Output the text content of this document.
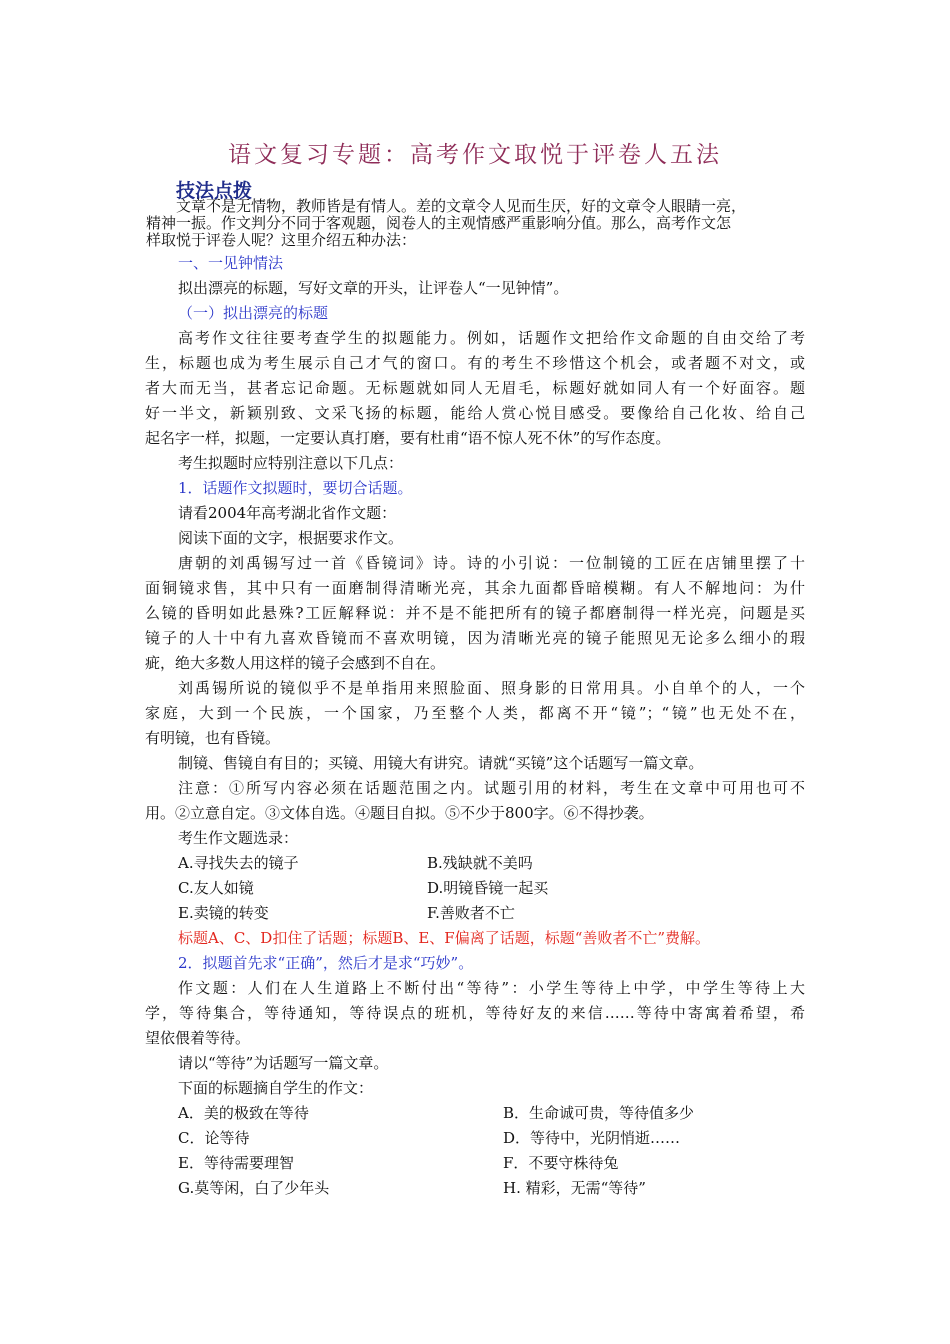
语文复习专题：高考作文取悦于评卷人五法
技法点拨
文章不是无情物，教师皆是有情人。差的文章令人见而生厌，好的文章令人眼睛一亮，
精神一振。作文判分不同于客观题，阅卷人的主观情感严重影响分值。那么，高考作文怎
样取悦于评卷人呢？这里介绍五种办法：
一、一见钟情法
拟出漂亮的标题，写好文章的开头，让评卷人“一见钟情”。
（一）拟出漂亮的标题
高考作文往往要考查学生的拟题能力。例如，话题作文把给作文命题的自由交给了考
生，标题也成为考生展示自己才气的窗口。有的考生不珍惜这个机会，或者题不对文，或
者大而无当，甚者忘记命题。无标题就如同人无眉毛，标题好就如同人有一个好面容。题
好一半文，新颖别致、文采飞扬的标题，能给人赏心悦目感受。要像给自己化妆、给自己
起名字一样，拟题，一定要认真打磨，要有杜甫“语不惊人死不休”的写作态度。
考生拟题时应特别注意以下几点：
1．话题作文拟题时，要切合话题。
请看2004年高考湖北省作文题：
阅读下面的文字，根据要求作文。
唐朝的刘禹锡写过一首《昏镜词》诗。诗的小引说：一位制镜的工匠在店铺里摆了十
面铜镜求售，其中只有一面磨制得清晰光亮，其余九面都昏暗模糊。有人不解地问：为什
么镜的昏明如此悬殊?工匠解释说：并不是不能把所有的镜子都磨制得一样光亮，问题是买
镜子的人十中有九喜欢昏镜而不喜欢明镜，因为清晰光亮的镜子能照见无论多么细小的瑕
疵，绝大多数人用这样的镜子会感到不自在。
刘禹锡所说的镜似乎不是单指用来照脸面、照身影的日常用具。小自单个的人，一个
家庭，大到一个民族，一个国家，乃至整个人类，都离不开“镜”；“镜”也无处不在，
有明镜，也有昏镜。
制镜、售镜自有目的；买镜、用镜大有讲究。请就“买镜”这个话题写一篇文章。
注意：①所写内容必须在话题范围之内。试题引用的材料，考生在文章中可用也可不
用。②立意自定。③文体自选。④题目自拟。⑤不少于800字。⑥不得抄袭。
考生作文题选录：
A.寻找失去的镜子	B.残缺就不美吗
C.友人如镜	D.明镜昏镜一起买
E.卖镜的转变	F.善败者不亡
标题A、C、D扣住了话题；标题B、E、F偏离了话题，标题“善败者不亡”费解。
2．拟题首先求“正确”，然后才是求“巧妙”。
作文题：人们在人生道路上不断付出“等待”：小学生等待上中学，中学生等待上大
学，等待集合，等待通知，等待误点的班机，等待好友的来信……等待中寄寓着希望，希
望依偎着等待。
请以“等待”为话题写一篇文章。
下面的标题摘自学生的作文：
A．美的极致在等待	B．生命诚可贵，等待值多少
C．论等待	D．等待中，光阴悄逝……
E．等待需要理智	F．不要守株待兔
G.莫等闲，白了少年头	H. 精彩，无需“等待”
